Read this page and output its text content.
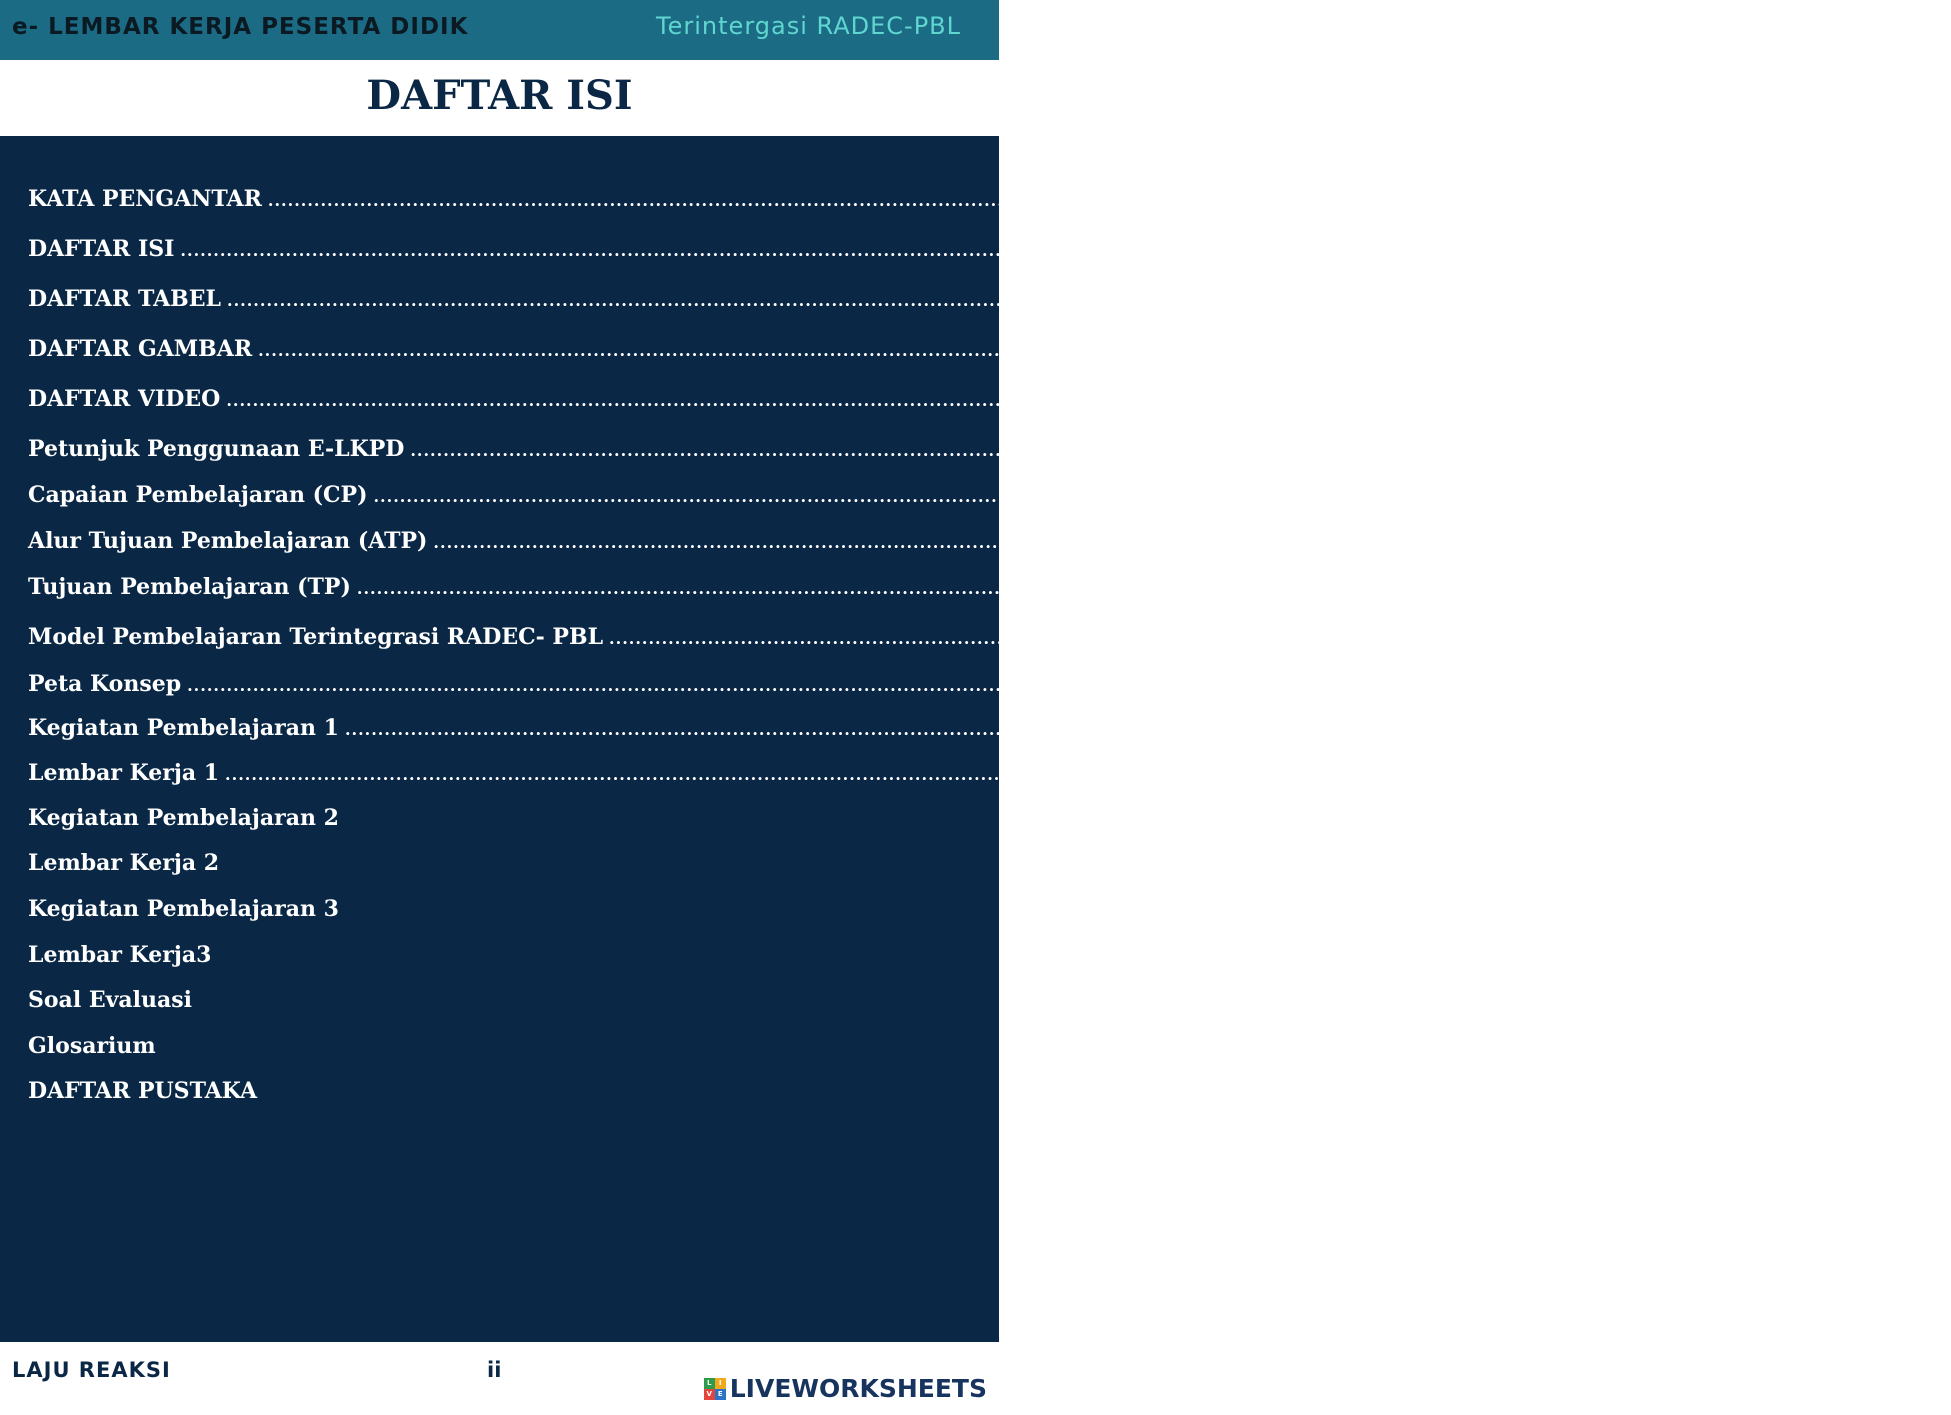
e- LEMBAR KERJA PESERTA DIDIK	Terintergasi RADEC-PBL
DAFTAR ISI
KATA PENGANTAR ........................................................................................................................................................................................................ i
DAFTAR ISI ........................................................................................................................................................................................................ ii
DAFTAR TABEL ........................................................................................................................................................................................................ iii
DAFTAR GAMBAR ........................................................................................................................................................................................................ iv
DAFTAR VIDEO ........................................................................................................................................................................................................ v
Petunjuk Penggunaan E-LKPD ........................................................................................................................................................................................................ vi
Capaian Pembelajaran (CP) ........................................................................................................................................................................................................ vii
Alur Tujuan Pembelajaran (ATP) ........................................................................................................................................................................................................ vii
Tujuan Pembelajaran (TP) ........................................................................................................................................................................................................ viii
Model Pembelajaran Terintegrasi RADEC- PBL ........................................................................................................................................................................................................ ix
Peta Konsep ........................................................................................................................................................................................................ x
Kegiatan Pembelajaran 1 ........................................................................................................................................................................................................ 1
Lembar Kerja 1 ........................................................................................................................................................................................................ 11
Kegiatan Pembelajaran 2
Lembar Kerja 2
Kegiatan Pembelajaran 3
Lembar Kerja3
Soal Evaluasi
Glosarium
DAFTAR PUSTAKA
LAJU REAKSI	ii
L	I
V E LIVEWORKSHEETS
